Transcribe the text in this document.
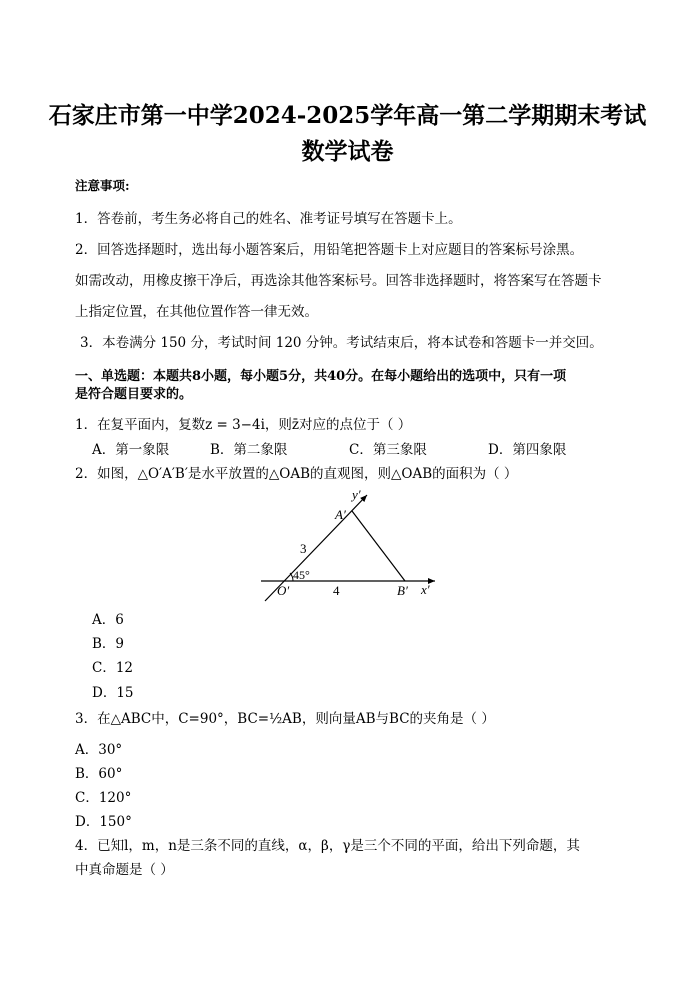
石家庄市第一中学2024-2025学年高一第二学期期末考试
数学试卷
注意事项:
1．答卷前，考生务必将自己的姓名、准考证号填写在答题卡上。
2．回答选择题时，选出每小题答案后，用铅笔把答题卡上对应题目的答案标号涂黑。
如需改动，用橡皮擦干净后，再选涂其他答案标号。回答非选择题时，将答案写在答题卡
上指定位置，在其他位置作答一律无效。
3．本卷满分 150 分，考试时间 120 分钟。考试结束后，将本试卷和答题卡一并交回。
一、单选题：本题共8小题，每小题5分，共40分。在每小题给出的选项中，只有一项
是符合题目要求的。
1．在复平面内，复数z = 3−4i，则z̄对应的点位于（ ）
A．第一象限	B．第二象限	C．第三象限	D．第四象限
2．如图，△O′A′B′是水平放置的△OAB的直观图，则△OAB的面积为（ ）
y′
A′
3
45°
O′	4	B′ x′
A．6
B．9
C．12
D．15
3．在△ABC中，C=90°，BC=½AB，则向量AB与BC的夹角是（ ）
A．30°
B．60°
C．120°
D．150°
4．已知l，m，n是三条不同的直线，α，β，γ是三个不同的平面，给出下列命题，其
中真命题是（ ）
